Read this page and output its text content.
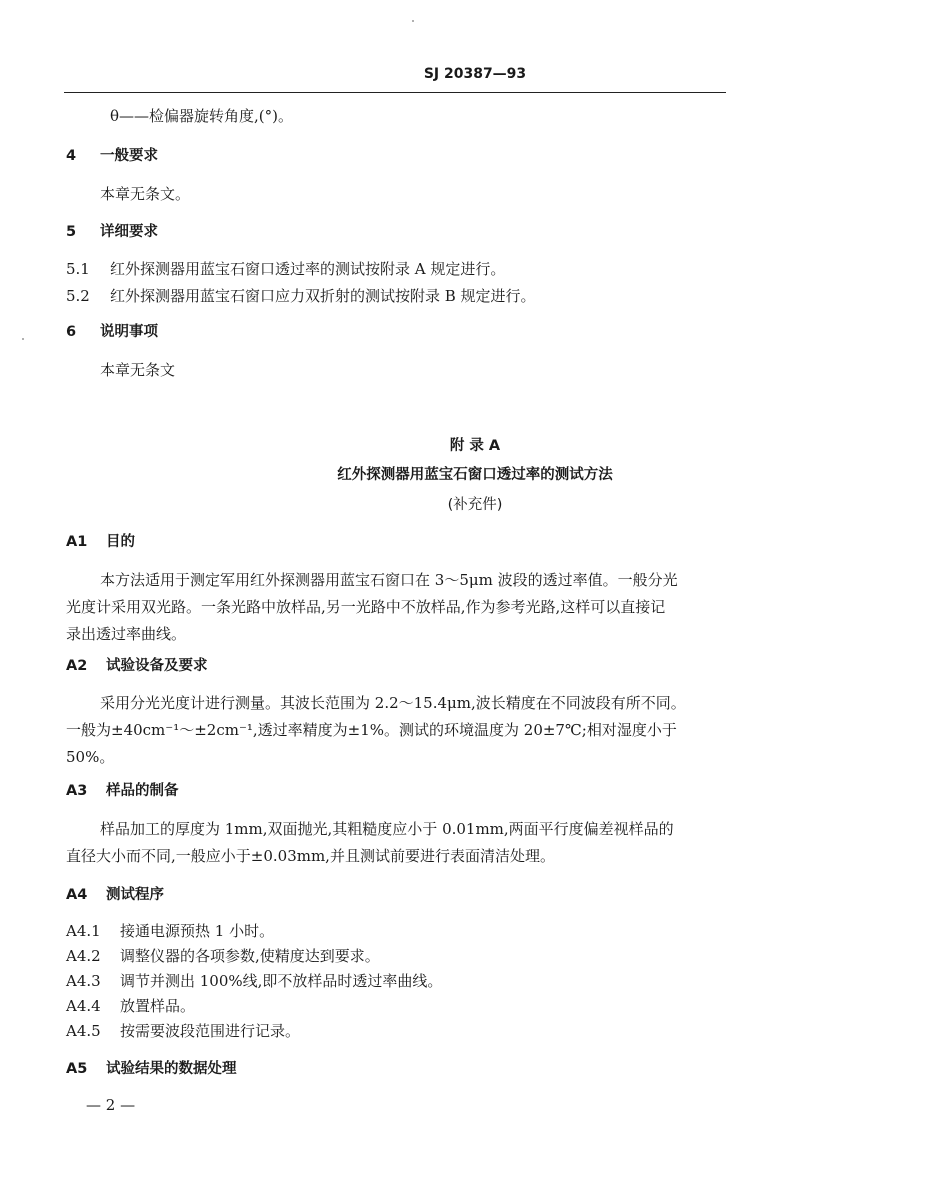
SJ 20387—93
θ——检偏器旋转角度,(°)。
4 一般要求
本章无条文。
5 详细要求
5.1 红外探测器用蓝宝石窗口透过率的测试按附录 A 规定进行。
5.2 红外探测器用蓝宝石窗口应力双折射的测试按附录 B 规定进行。
6 说明事项
本章无条文
附 录 A
红外探测器用蓝宝石窗口透过率的测试方法
(补充件)
A1 目的
本方法适用于测定军用红外探测器用蓝宝石窗口在 3～5μm 波段的透过率值。一般分光
光度计采用双光路。一条光路中放样品,另一光路中不放样品,作为参考光路,这样可以直接记
录出透过率曲线。
A2 试验设备及要求
采用分光光度计进行测量。其波长范围为 2.2～15.4μm,波长精度在不同波段有所不同。
一般为±40cm⁻¹～±2cm⁻¹,透过率精度为±1%。测试的环境温度为 20±7℃;相对湿度小于
50%。
A3 样品的制备
样品加工的厚度为 1mm,双面抛光,其粗糙度应小于 0.01mm,两面平行度偏差视样品的
直径大小而不同,一般应小于±0.03mm,并且测试前要进行表面清洁处理。
A4 测试程序
A4.1 接通电源预热 1 小时。
A4.2 调整仪器的各项参数,使精度达到要求。
A4.3 调节并测出 100%线,即不放样品时透过率曲线。
A4.4 放置样品。
A4.5 按需要波段范围进行记录。
A5 试验结果的数据处理
— 2 —
